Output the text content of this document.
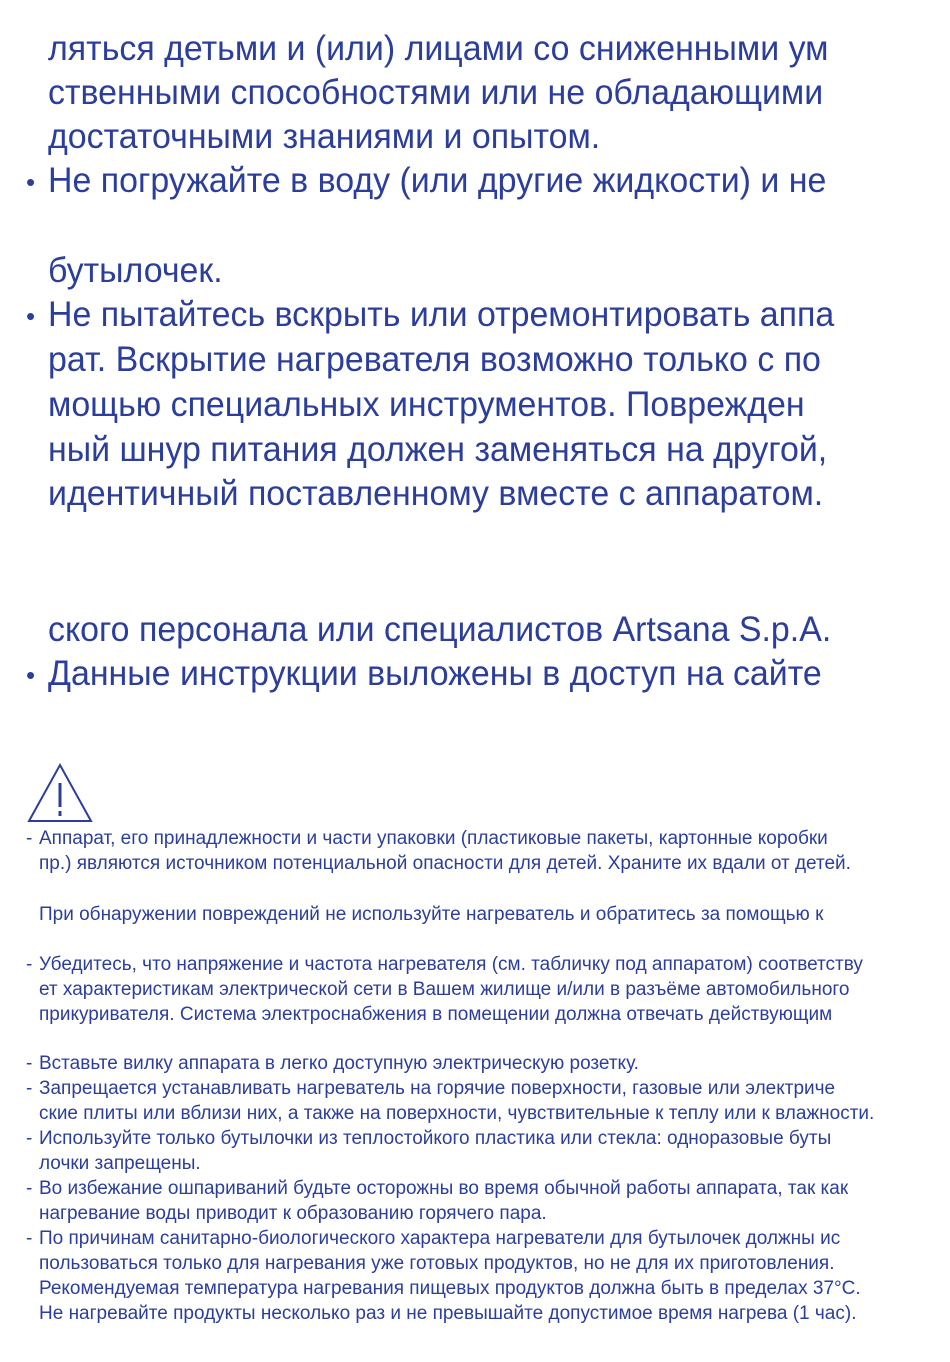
ляться детьми и (или) лицами со сниженными ум
ственными способностями или не обладающими
достаточными знаниями и опытом.
• Не погружайте в воду (или другие жидкости) и не
бутылочек.
• Не пытайтесь вскрыть или отремонтировать аппа
рат. Вскрытие нагревателя возможно только с по
мощью специальных инструментов. Поврежден
ный шнур питания должен заменяться на другой,
идентичный поставленному вместе с аппаратом.
ского персонала или специалистов Artsana S.p.A.
• Данные инструкции выложены в доступ на сайте
- Аппарат, его принадлежности и части упаковки (пластиковые пакеты, картонные коробки
пр.) являются источником потенциальной опасности для детей. Храните их вдали от детей.
При обнаружении повреждений не используйте нагреватель и обратитесь за помощью к
- Убедитесь, что напряжение и частота нагревателя (см. табличку под аппаратом) соответству
ет характеристикам электрической сети в Вашем жилище и/или в разъёме автомобильного
прикуривателя. Система электроснабжения в помещении должна отвечать действующим
- Вставьте вилку аппарата в легко доступную электрическую розетку.
- Запрещается устанавливать нагреватель на горячие поверхности, газовые или электриче
ские плиты или вблизи них, а также на поверхности, чувствительные к теплу или к влажности.
- Используйте только бутылочки из теплостойкого пластика или стекла: одноразовые буты
лочки запрещены.
- Во избежание ошпариваний будьте осторожны во время обычной работы аппарата, так как
нагревание воды приводит к образованию горячего пара.
- По причинам санитарно-биологического характера нагреватели для бутылочек должны ис
пользоваться только для нагревания уже готовых продуктов, но не для их приготовления.
Рекомендуемая температура нагревания пищевых продуктов должна быть в пределах 37°C.
Не нагревайте продукты несколько раз и не превышайте допустимое время нагрева (1 час).
